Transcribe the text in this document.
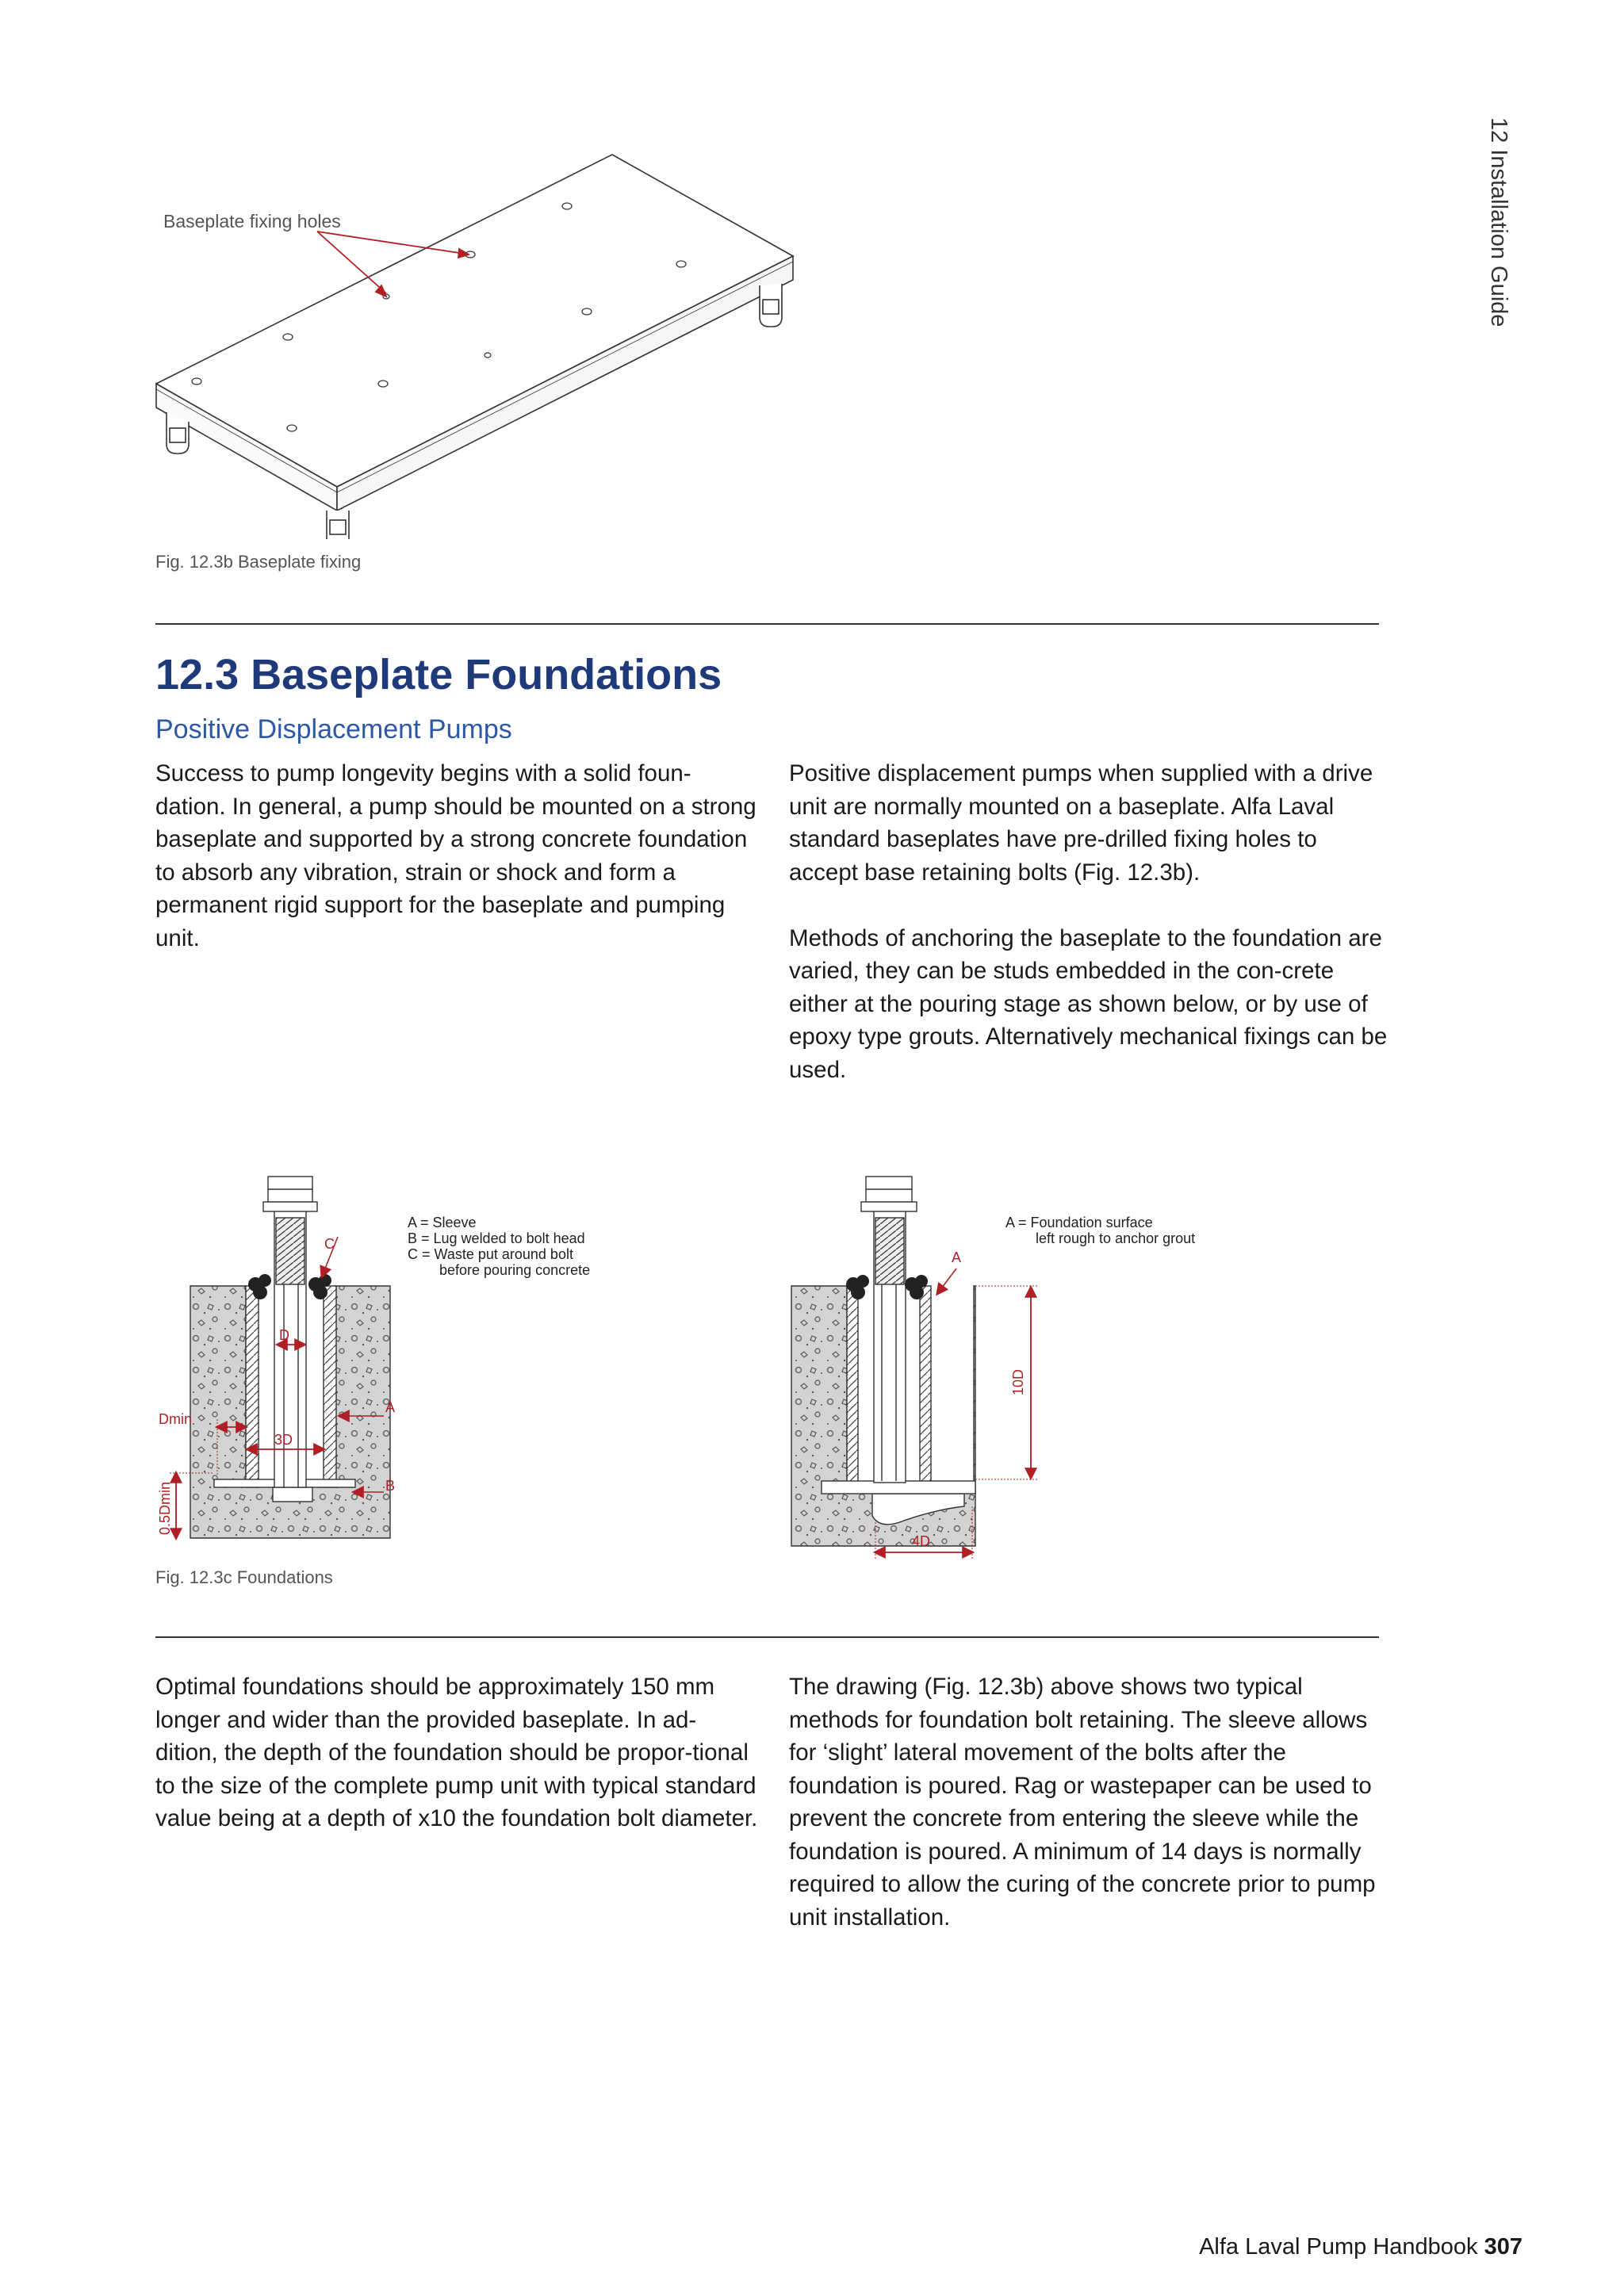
12 Installation Guide
Baseplate fixing holes
Fig. 12.3b Baseplate fixing
12.3 Baseplate Foundations
Positive Displacement Pumps

Success to pump longevity begins with a solid foun-dation. In general, a pump should be mounted on a strong baseplate and supported by a strong concrete foundation to absorb any vibration, strain or shock and form a permanent rigid support for the baseplate and pumping unit.

Positive displacement pumps when supplied with a drive unit are normally mounted on a baseplate. Alfa Laval standard baseplates have pre-drilled fixing holes to accept base retaining bolts (Fig. 12.3b).

Methods of anchoring the baseplate to the foundation are varied, they can be studs embedded in the con-crete either at the pouring stage as shown below, or by use of epoxy type grouts. Alternatively mechanical fixings can be used.

C
D
A
Dmin
3D
B
0.5Dmin
A
10D
4D
A = Sleeve
B = Lug welded to bolt head
C = Waste put around bolt
before pouring concrete
A = Foundation surface
left rough to anchor grout
Fig. 12.3c Foundations

Optimal foundations should be approximately 150 mm longer and wider than the provided baseplate. In ad-dition, the depth of the foundation should be propor-tional to the size of the complete pump unit with typical standard value being at a depth of x10 the foundation bolt diameter.

The drawing (Fig. 12.3b) above shows two typical methods for foundation bolt retaining. The sleeve allows for ‘slight’ lateral movement of the bolts after the foundation is poured. Rag or wastepaper can be used to prevent the concrete from entering the sleeve while the foundation is poured. A minimum of 14 days is normally required to allow the curing of the concrete prior to pump unit installation.

Alfa Laval Pump Handbook 307
